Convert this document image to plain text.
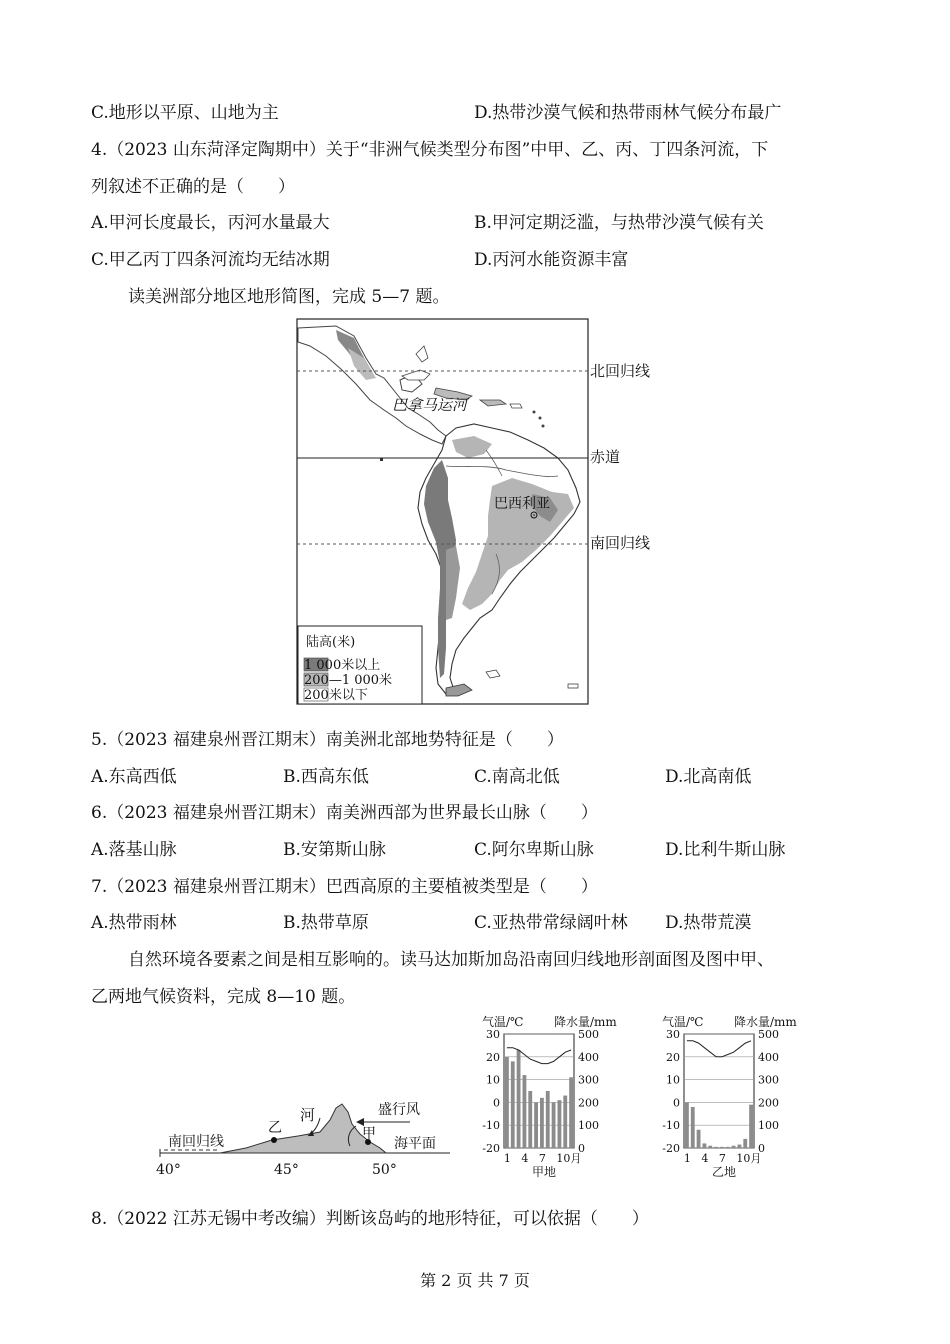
C.地形以平原、山地为主	D.热带沙漠气候和热带雨林气候分布最广
4.（2023 山东菏泽定陶期中）关于“非洲气候类型分布图”中甲、乙、丙、丁四条河流，下
列叙述不正确的是（　　）
A.甲河长度最长，丙河水量最大	B.甲河定期泛滥，与热带沙漠气候有关
C.甲乙丙丁四条河流均无结冰期	D.丙河水能资源丰富
读美洲部分地区地形简图，完成 5—7 题。
北回归线
赤道
南回归线
巴拿马运河
巴西利亚
陆高(米)
1 000米以上
200—1 000米
200米以下
5.（2023 福建泉州晋江期末）南美洲北部地势特征是（　　）
A.东高西低	B.西高东低	C.南高北低	D.北高南低
6.（2023 福建泉州晋江期末）南美洲西部为世界最长山脉（　　）
A.落基山脉	B.安第斯山脉	C.阿尔卑斯山脉	D.比利牛斯山脉
7.（2023 福建泉州晋江期末）巴西高原的主要植被类型是（　　）
A.热带雨林	B.热带草原	C.亚热带常绿阔叶林 D.热带荒漠
自然环境各要素之间是相互影响的。读马达加斯加岛沿南回归线地形剖面图及图中甲、
乙两地气候资料，完成 8—10 题。
南回归线
河	盛行风
海平面
乙	甲
40°	45°	50°
气温/℃	降水量/mm
30	500
20	400
10	300
0	200
-10	100
-20	0
1 4 7 10月
甲地
气温/℃	降水量/mm
30	500
20	400
10	300
0	200
-10	100
-20	0
1 4 7 10月
乙地
8.（2022 江苏无锡中考改编）判断该岛屿的地形特征，可以依据（　　）
第 2 页 共 7 页
